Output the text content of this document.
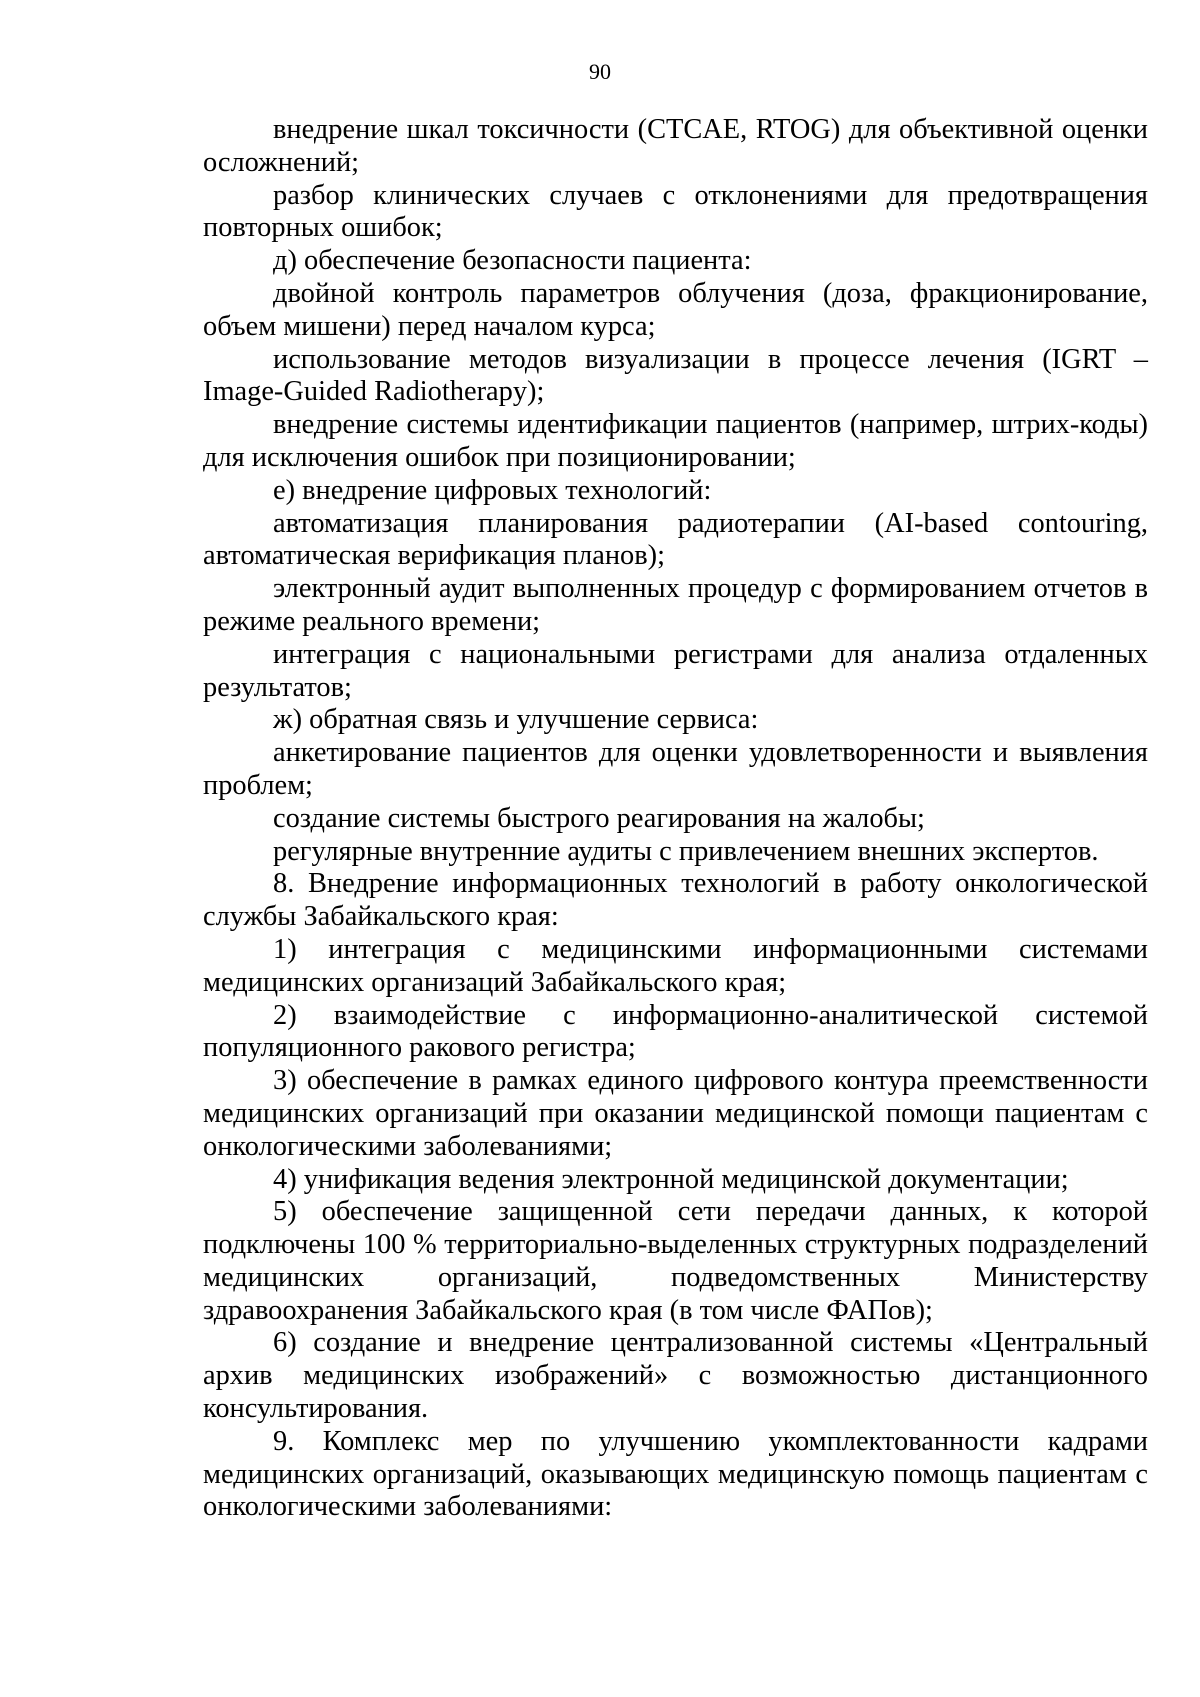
90

внедрение шкал токсичности (CTCAE, RTOG) для объективной оценки осложнений;

разбор клинических случаев с отклонениями для предотвращения повторных ошибок;

д) обеспечение безопасности пациента:

двойной контроль параметров облучения (доза, фракционирование, объем мишени) перед началом курса;

использование методов визуализации в процессе лечения (IGRT – Image-Guided Radiotherapy);

внедрение системы идентификации пациентов (например, штрих-коды) для исключения ошибок при позиционировании;

е) внедрение цифровых технологий:

автоматизация планирования радиотерапии (AI-based contouring, автоматическая верификация планов);

электронный аудит выполненных процедур с формированием отчетов в режиме реального времени;

интеграция с национальными регистрами для анализа отдаленных результатов;

ж) обратная связь и улучшение сервиса:

анкетирование пациентов для оценки удовлетворенности и выявления проблем;

создание системы быстрого реагирования на жалобы;

регулярные внутренние аудиты с привлечением внешних экспертов.

8. Внедрение информационных технологий в работу онкологической службы Забайкальского края:

1) интеграция с медицинскими информационными системами медицинских организаций Забайкальского края;

2) взаимодействие с информационно-аналитической системой популяционного ракового регистра;

3) обеспечение в рамках единого цифрового контура преемственности медицинских организаций при оказании медицинской помощи пациентам с онкологическими заболеваниями;

4) унификация ведения электронной медицинской документации;

5) обеспечение защищенной сети передачи данных, к которой подключены 100 % территориально-выделенных структурных подразделений медицинских организаций, подведомственных Министерству здравоохранения Забайкальского края (в том числе ФАПов);

6) создание и внедрение централизованной системы «Центральный архив медицинских изображений» с возможностью дистанционного консультирования.

9. Комплекс мер по улучшению укомплектованности кадрами медицинских организаций, оказывающих медицинскую помощь пациентам с онкологическими заболеваниями:
